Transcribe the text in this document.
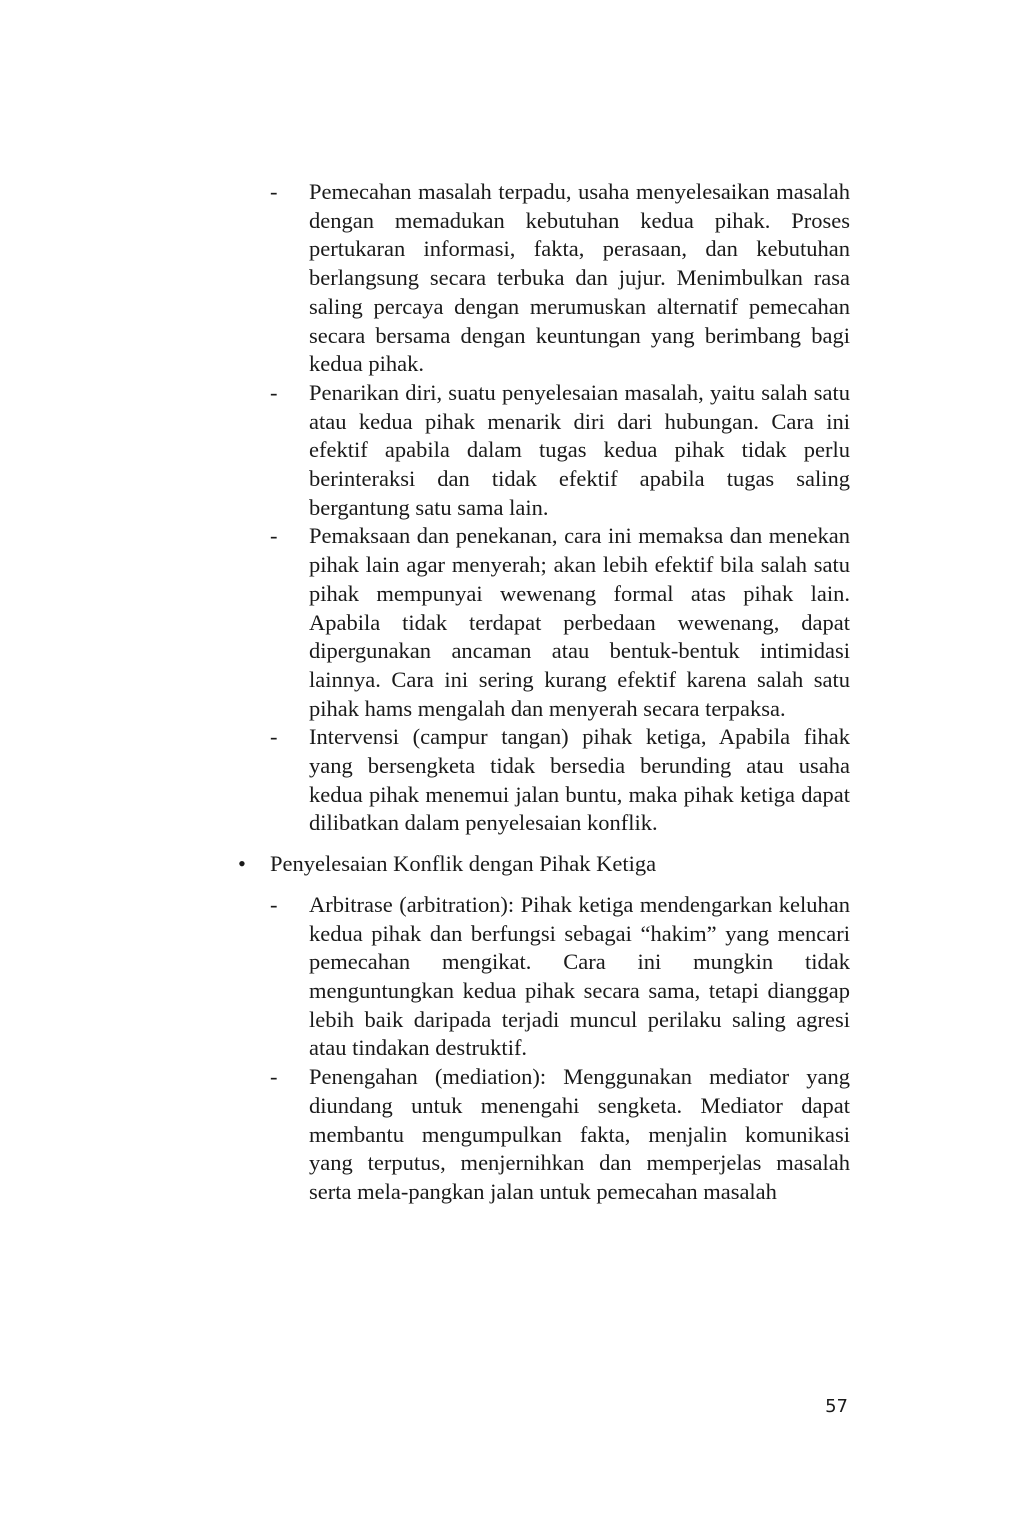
- Pemecahan masalah terpadu, usaha menyelesaikan masalah dengan memadukan kebutuhan kedua pihak. Proses pertukaran informasi, fakta, perasaan, dan kebutuhan berlangsung secara terbuka dan jujur. Menimbulkan rasa saling percaya dengan merumuskan alternatif pemecahan secara bersama dengan keuntungan yang berimbang bagi kedua pihak.
- Penarikan diri, suatu penyelesaian masalah, yaitu salah satu atau kedua pihak menarik diri dari hubungan. Cara ini efektif apabila dalam tugas kedua pihak tidak perlu berinteraksi dan tidak efektif apabila tugas saling bergantung satu sama lain.
- Pemaksaan dan penekanan, cara ini memaksa dan menekan pihak lain agar menyerah; akan lebih efektif bila salah satu pihak mempunyai wewenang formal atas pihak lain. Apabila tidak terdapat perbedaan wewenang, dapat dipergunakan ancaman atau bentuk-bentuk intimidasi lainnya. Cara ini sering kurang efektif karena salah satu pihak hams mengalah dan menyerah secara terpaksa.
- Intervensi (campur tangan) pihak ketiga, Apabila fihak yang bersengketa tidak bersedia berunding atau usaha kedua pihak menemui jalan buntu, maka pihak ketiga dapat dilibatkan dalam penyelesaian konflik.
• Penyelesaian Konflik dengan Pihak Ketiga
- Arbitrase (arbitration): Pihak ketiga mendengarkan keluhan kedua pihak dan berfungsi sebagai “hakim” yang mencari pemecahan mengikat. Cara ini mungkin tidak menguntungkan kedua pihak secara sama, tetapi dianggap lebih baik daripada terjadi muncul perilaku saling agresi atau tindakan destruktif.
- Penengahan (mediation): Menggunakan mediator yang diundang untuk menengahi sengketa. Mediator dapat membantu mengumpulkan fakta, menjalin komunikasi yang terputus, menjernihkan dan memperjelas masalah serta mela-pangkan jalan untuk pemecahan masalah
57
